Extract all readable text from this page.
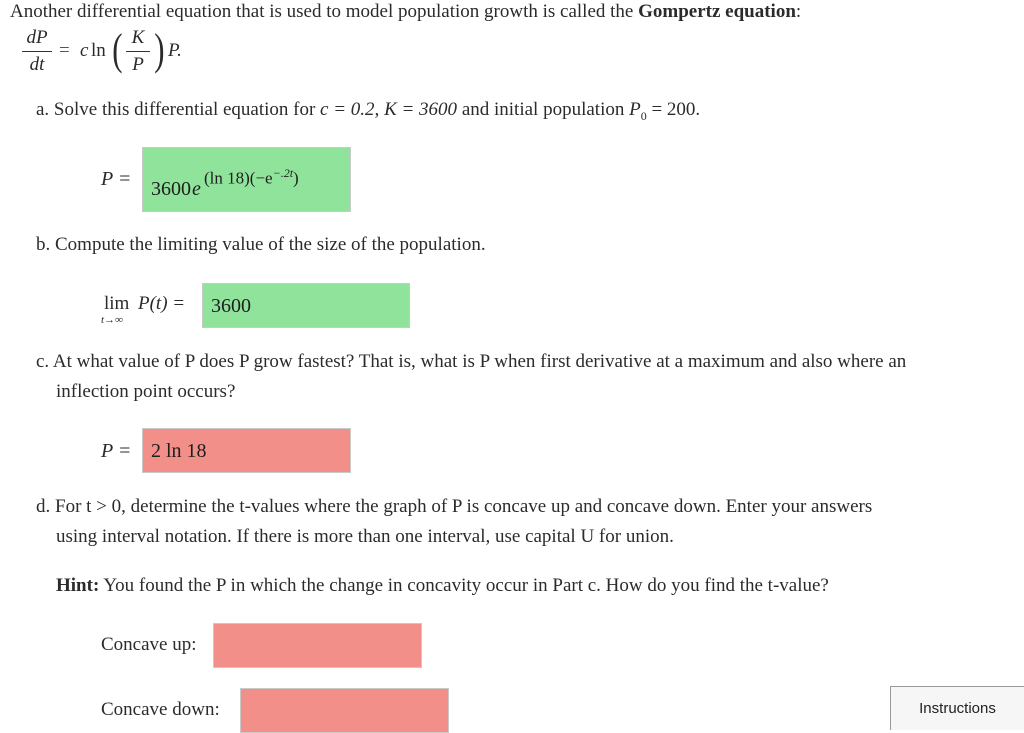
Another differential equation that is used to model population growth is called the Gompertz equation:
dP
dt
= c ln ( K
P ) P.
a. Solve this differential equation for c = 0.2, K = 3600 and initial population $P_0 = 200$.
P = 3600 e (ln $18)(-e^{-.2t})$
b. Compute the limiting value of the size of the population.
lim
t→∞
P(t) = 3600
c. At what value of P does P grow fastest? That is, what is P when first derivative at a maximum and also where an
inflection point occurs?
P = 2 ln 18
d. For t > 0, determine the t-values where the graph of P is concave up and concave down. Enter your answers
using interval notation. If there is more than one interval, use capital U for union.
Hint: You found the P in which the change in concavity occur in Part c. How do you find the t-value?
Concave up:
Concave down:	Instructions
